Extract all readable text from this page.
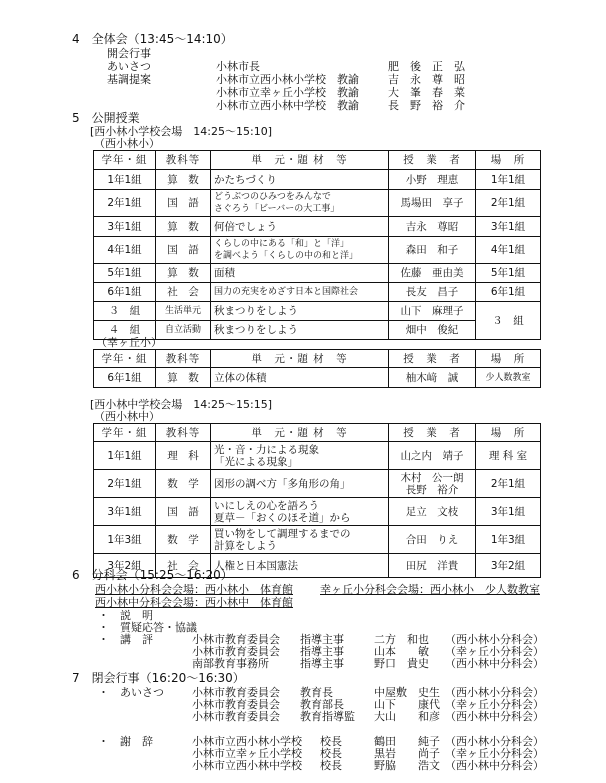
4　全体会（13:45～14:10）
開会行事
あいさつ	小林市長	肥　後　正　弘
基調提案	小林市立西小林小学校　教諭	吉　永　尊　昭
小林市立幸ヶ丘小学校　教諭	大　峯　春　菜
小林市立西小林中学校　教諭	長　野　裕　介
5　公開授業
[西小林小学校会場　14:25～15:10]
（西小林小）
学年・組	教科等	単　元・題 材　等	授　業　者	場　所
1年1組	算　数	かたちづくり	小野　理恵	1年1組
2年1組	国　語	どうぶつのひみつをみんなで
さぐろう「ビーバーの大工事」	馬場田　享子	2年1組
3年1組	算　数	何倍でしょう	吉永　尊昭	3年1組
4年1組	国　語	くらしの中にある「和」と「洋」
を調べよう「くらしの中の和と洋」	森田　和子	4年1組
5年1組	算　数	面積	佐藤　亜由美	5年1組
6年1組	社　会	国力の充実をめざす日本と国際社会	長友　昌子	6年1組
３　組	生活単元	秋まつりをしよう	山下　麻理子	３　組
４　組	自立活動	秋まつりをしよう	畑中　俊紀	
（幸ヶ丘小）
学年・組	教科等	単　元・題 材　等	授　業　者	場　所
6年1組	算　数	立体の体積	柚木﨑　誠	少人数教室
[西小林中学校会場　14:25～15:15]
（西小林中）
学年・組	教科等	単　元・題 材　等	授　業　者	場　所
1年1組	理　科	光・音・力による現象
「光による現象」	山之内　靖子	理 科 室
2年1組	数　学	図形の調べ方「多角形の角」	木村　公一朗
長野　裕介	2年1組
3年1組	国　語	いにしえの心を語ろう
夏草－「おくのほそ道」から	足立　文枝	3年1組
1年3組	数　学	買い物をして調理するまでの
計算をしよう	合田　りえ	1年3組
3年2組	社　会	人権と日本国憲法	田尻　洋貴	3年2組
6　分科会（15:25～16:20）
西小林小分科会会場：西小林小　体育館 幸ヶ丘小分科会会場：西小林小　少人数教室
西小林中分科会会場：西小林中　体育館
・　説　明
・　質疑応答・協議
・　講　評	小林市教育委員会 指導主事	二方　和也 （西小林小分科会）
小林市教育委員会 指導主事	山本　　敏 （幸ヶ丘小分科会）
南部教育事務所	指導主事	野口　貴史 （西小林中分科会）
7　閉会行事（16:20～16:30）
・　あいさつ	小林市教育委員会 教育長	中屋敷　史生 （西小林小分科会）
小林市教育委員会 教育部長	山下　　康代 （幸ヶ丘小分科会）
小林市教育委員会 教育指導監 大山　　和彦 （西小林中分科会）
・　謝　辞	小林市立西小林小学校 校長	鶴田　　純子 （西小林小分科会）
小林市立幸ヶ丘小学校 校長	黒岩　　尚子 （幸ヶ丘小分科会）
小林市立西小林中学校 校長	野脇　　浩文 （西小林中分科会）
